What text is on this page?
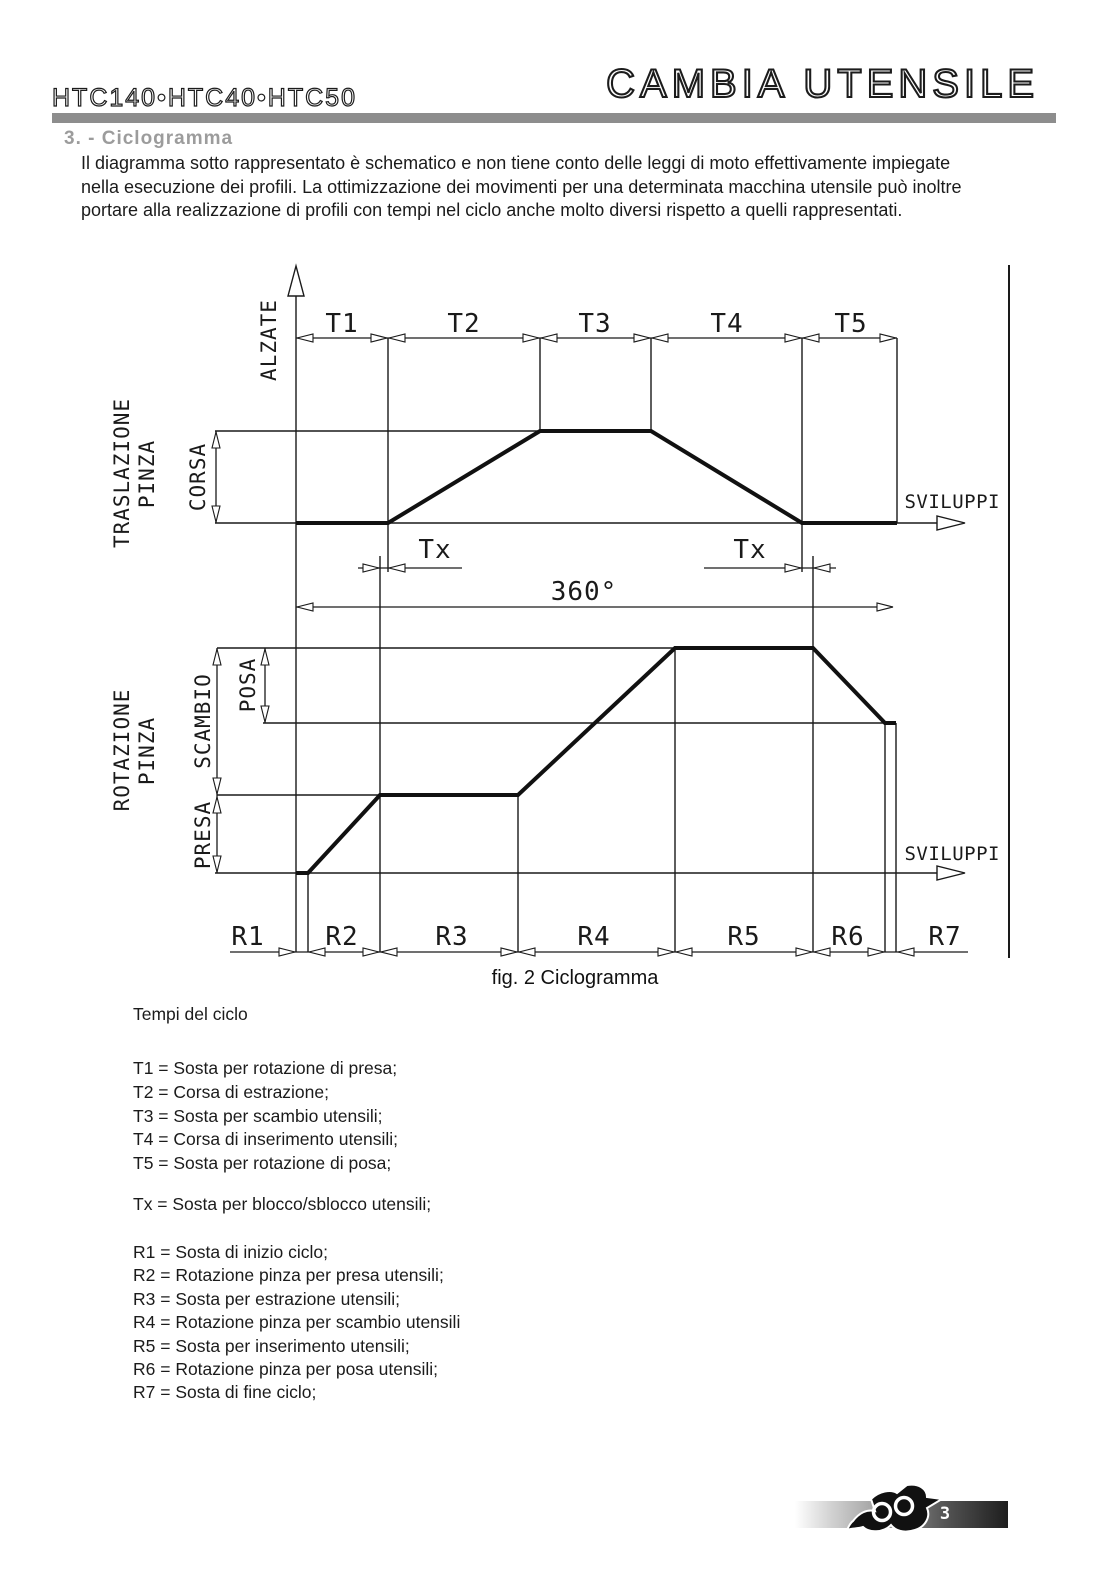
HTC140•HTC40•HTC50	CAMBIA UTENSILE
3. - Ciclogramma
Il diagramma sotto rappresentato è schematico e non tiene conto delle leggi di moto effettivamente impiegate
nella esecuzione dei profili. La ottimizzazione dei movimenti per una determinata macchina utensile può inoltre
portare alla realizzazione di profili con tempi nel ciclo anche molto diversi rispetto a quelli rappresentati.
T1	T2	T3	T4	T5
Tx	Tx
360°
SVILUPPI
SVILUPPI
R1 R2	R3	R4	R5	R6 R7
ALZATE
CORSA
TRASLAZIONE PINZA
ROTAZIONE PINZA SCAMBIO POSA
PRESA
fig. 2 Ciclogramma
Tempi del ciclo
T1 = Sosta per rotazione di presa;
T2 = Corsa di estrazione;
T3 = Sosta per scambio utensili;
T4 = Corsa di inserimento utensili;
T5 = Sosta per rotazione di posa;
Tx = Sosta per blocco/sblocco utensili;
R1 = Sosta di inizio ciclo;
R2 = Rotazione pinza per presa utensili;
R3 = Sosta per estrazione utensili;
R4 = Rotazione pinza per scambio utensili
R5 = Sosta per inserimento utensili;
R6 = Rotazione pinza per posa utensili;
R7 = Sosta di fine ciclo;
3
